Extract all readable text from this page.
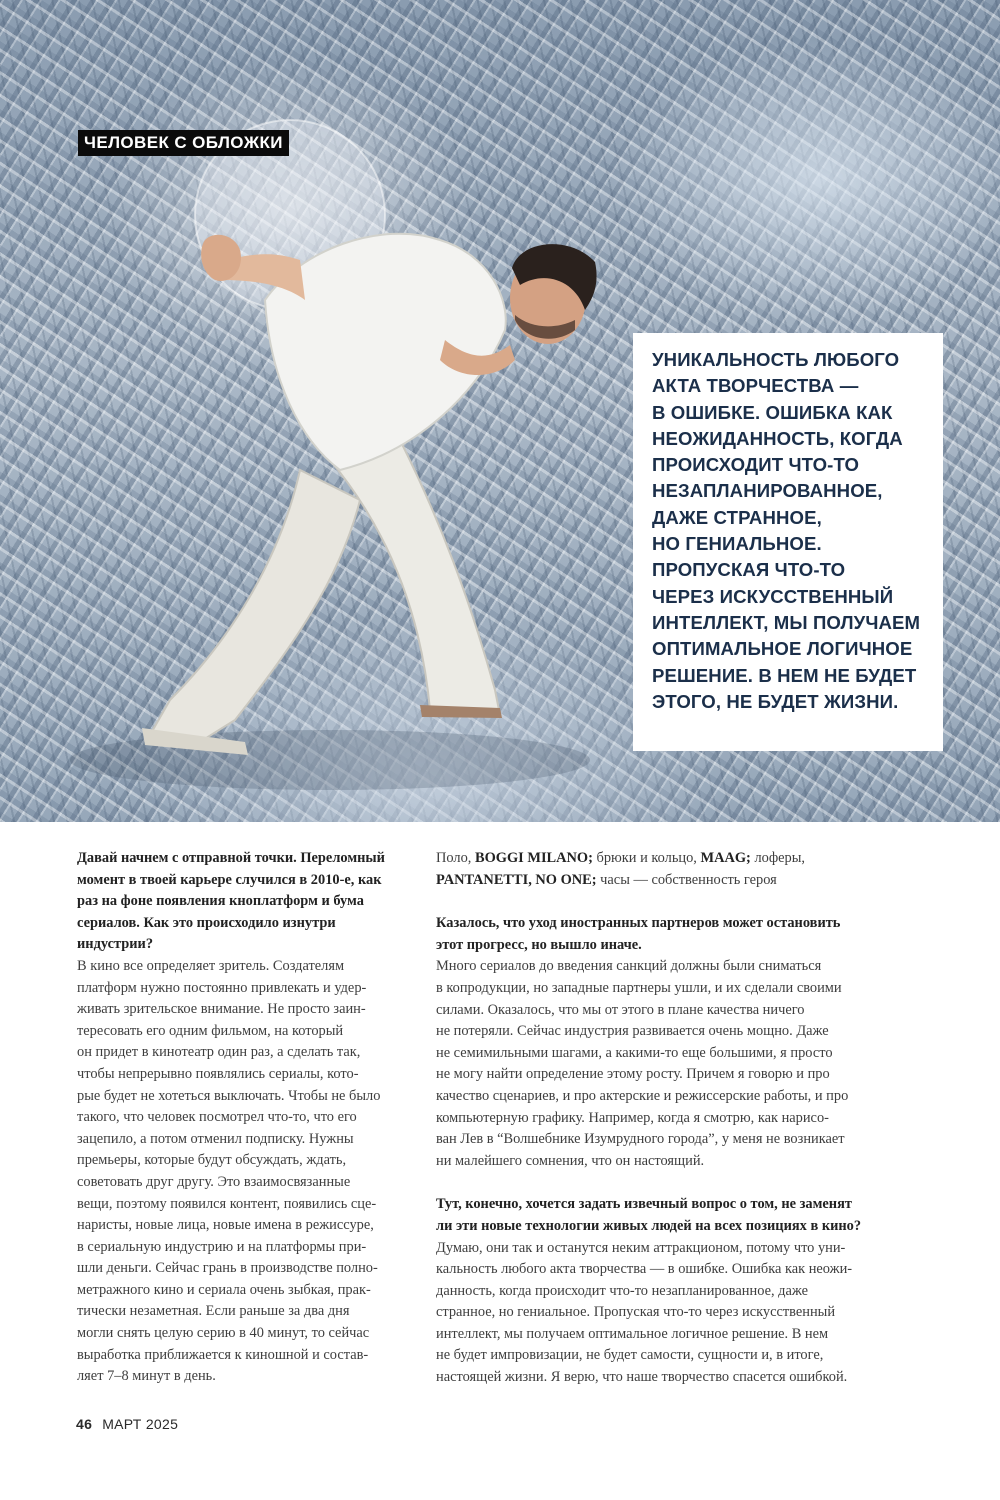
ЧЕЛОВЕК С ОБЛОЖКИ
УНИКАЛЬНОСТЬ ЛЮБОГО
АКТА ТВОРЧЕСТВА —
В ОШИБКЕ. ОШИБКА КАК
НЕОЖИДАННОСТЬ, КОГДА
ПРОИСХОДИТ ЧТО-ТО
НЕЗАПЛАНИРОВАННОЕ,
ДАЖЕ СТРАННОЕ,
НО ГЕНИАЛЬНОЕ.
ПРОПУСКАЯ ЧТО-ТО
ЧЕРЕЗ ИСКУССТВЕННЫЙ
ИНТЕЛЛЕКТ, МЫ ПОЛУЧАЕМ
ОПТИМАЛЬНОЕ ЛОГИЧНОЕ
РЕШЕНИЕ. В НЕМ НЕ БУДЕТ
ЭТОГО, НЕ БУДЕТ ЖИЗНИ.
Давай начнем с отправной точки. Переломный
момент в твоей карьере случился в 2010-е, как
раз на фоне появления кноплатформ и бума
сериалов. Как это происходило изнутри
индустрии?
В кино все определяет зритель. Создателям
платформ нужно постоянно привлекать и удер-
живать зрительское внимание. Не просто заин-
тересовать его одним фильмом, на который
он придет в кинотеатр один раз, а сделать так,
чтобы непрерывно появлялись сериалы, кото-
рые будет не хотеться выключать. Чтобы не было
такого, что человек посмотрел что-то, что его
зацепило, а потом отменил подписку. Нужны
премьеры, которые будут обсуждать, ждать,
советовать друг другу. Это взаимосвязанные
вещи, поэтому появился контент, появились сце-
наристы, новые лица, новые имена в режиссуре,
в сериальную индустрию и на платформы при-
шли деньги. Сейчас грань в производстве полно-
метражного кино и сериала очень зыбкая, прак-
тически незаметная. Если раньше за два дня
могли снять целую серию в 40 минут, то сейчас
выработка приближается к киношной и состав-
ляет 7–8 минут в день.
Поло, BOGGI MILANO; брюки и кольцо, MAAG; лоферы,
PANTANETTI, NO ONE; часы — собственность героя
Казалось, что уход иностранных партнеров может остановить
этот прогресс, но вышло иначе.
Много сериалов до введения санкций должны были сниматься
в копродукции, но западные партнеры ушли, и их сделали своими
силами. Оказалось, что мы от этого в плане качества ничего
не потеряли. Сейчас индустрия развивается очень мощно. Даже
не семимильными шагами, а какими-то еще большими, я просто
не могу найти определение этому росту. Причем я говорю и про
качество сценариев, и про актерские и режиссерские работы, и про
компьютерную графику. Например, когда я смотрю, как нарисо-
ван Лев в “Волшебнике Изумрудного города”, у меня не возникает
ни малейшего сомнения, что он настоящий.
Тут, конечно, хочется задать извечный вопрос о том, не заменят
ли эти новые технологии живых людей на всех позициях в кино?
Думаю, они так и останутся неким аттракционом, потому что уни-
кальность любого акта творчества — в ошибке. Ошибка как неожи-
данность, когда происходит что-то незапланированное, даже
странное, но гениальное. Пропуская что-то через искусственный
интеллект, мы получаем оптимальное логичное решение. В нем
не будет импровизации, не будет самости, сущности и, в итоге,
настоящей жизни. Я верю, что наше творчество спасется ошибкой.
46 МАРТ 2025
